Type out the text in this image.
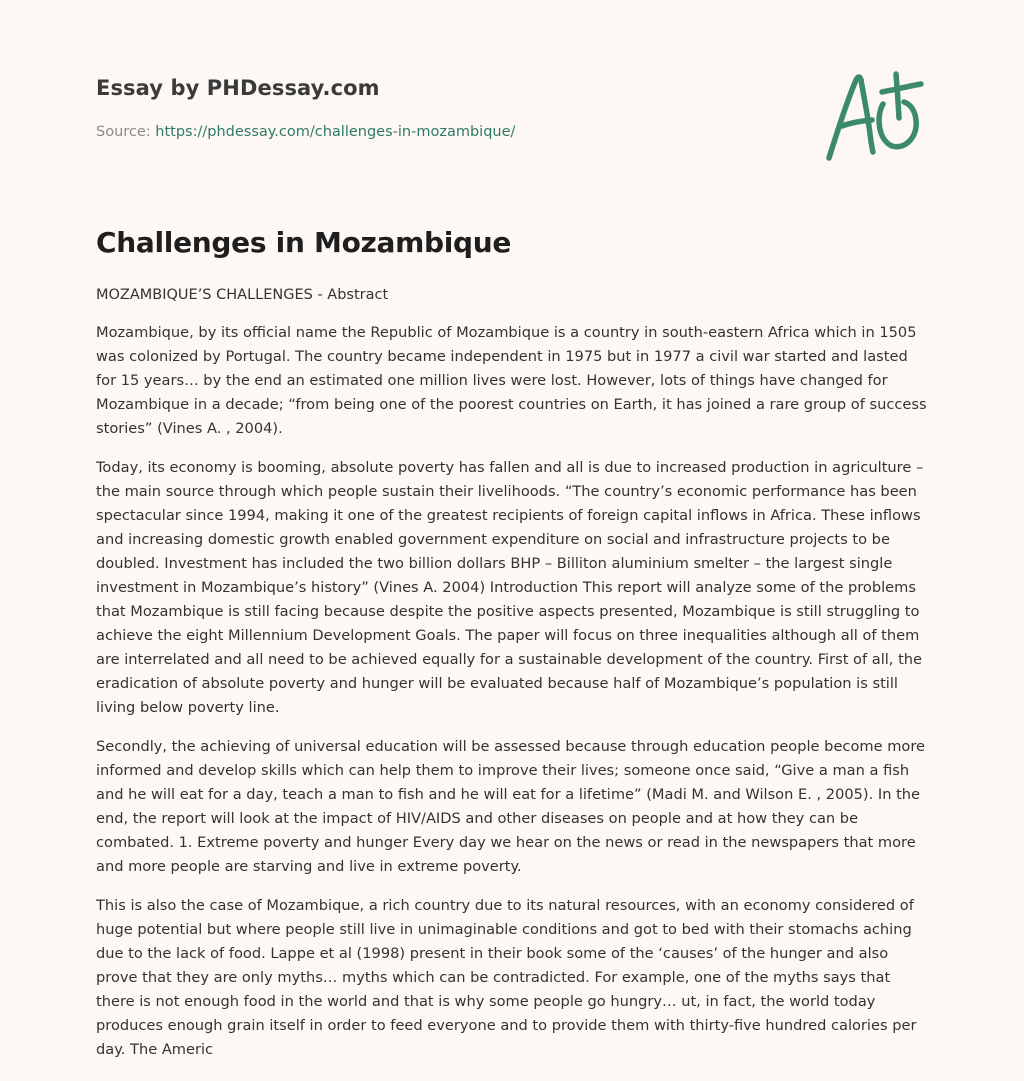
Essay by PHDessay.com
Source: https://phdessay.com/challenges-in-mozambique/
Challenges in Mozambique
MOZAMBIQUE’S CHALLENGES - Abstract

Mozambique, by its official name the Republic of Mozambique is a country in south-eastern Africa which in 1505 was colonized by Portugal. The country became independent in 1975 but in 1977 a civil war started and lasted for 15 years… by the end an estimated one million lives were lost. However, lots of things have changed for Mozambique in a decade; “from being one of the poorest countries on Earth, it has joined a rare group of success stories” (Vines A. , 2004).

Today, its economy is booming, absolute poverty has fallen and all is due to increased production in agriculture – the main source through which people sustain their livelihoods. “The country’s economic performance has been spectacular since 1994, making it one of the greatest recipients of foreign capital inflows in Africa. These inflows and increasing domestic growth enabled government expenditure on social and infrastructure projects to be doubled. Investment has included the two billion dollars BHP – Billiton aluminium smelter – the largest single investment in Mozambique’s history” (Vines A. 2004) Introduction This report will analyze some of the problems that Mozambique is still facing because despite the positive aspects presented, Mozambique is still struggling to achieve the eight Millennium Development Goals. The paper will focus on three inequalities although all of them are interrelated and all need to be achieved equally for a sustainable development of the country. First of all, the eradication of absolute poverty and hunger will be evaluated because half of Mozambique’s population is still living below poverty line.

Secondly, the achieving of universal education will be assessed because through education people become more informed and develop skills which can help them to improve their lives; someone once said, “Give a man a fish and he will eat for a day, teach a man to fish and he will eat for a lifetime” (Madi M. and Wilson E. , 2005). In the end, the report will look at the impact of HIV/AIDS and other diseases on people and at how they can be combated. 1. Extreme poverty and hunger Every day we hear on the news or read in the newspapers that more and more people are starving and live in extreme poverty.

This is also the case of Mozambique, a rich country due to its natural resources, with an economy considered of huge potential but where people still live in unimaginable conditions and got to bed with their stomachs aching due to the lack of food. Lappe et al (1998) present in their book some of the ‘causes’ of the hunger and also prove that they are only myths… myths which can be contradicted. For example, one of the myths says that there is not enough food in the world and that is why some people go hungry… ut, in fact, the world today produces enough grain itself in order to feed everyone and to provide them with thirty-five hundred calories per day. The Americ
